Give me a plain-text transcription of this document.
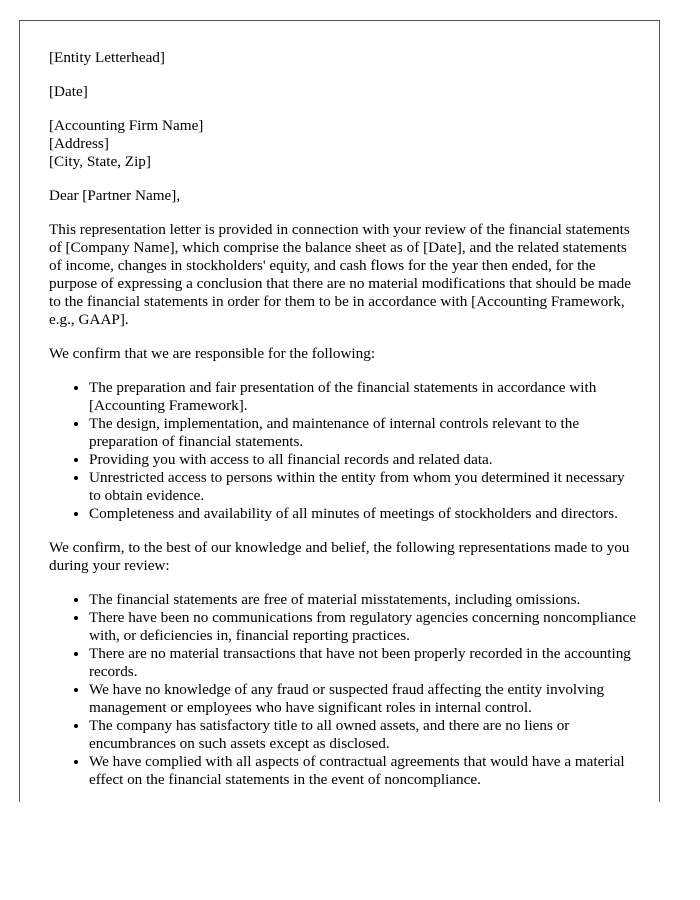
[Entity Letterhead]

[Date]

[Accounting Firm Name]
[Address]
[City, State, Zip]

Dear [Partner Name],

This representation letter is provided in connection with your review of the financial statements of [Company Name], which comprise the balance sheet as of [Date], and the related statements of income, changes in stockholders' equity, and cash flows for the year then ended, for the purpose of expressing a conclusion that there are no material modifications that should be made to the financial statements in order for them to be in accordance with [Accounting Framework, e.g., GAAP].

We confirm that we are responsible for the following:

• The preparation and fair presentation of the financial statements in accordance with [Accounting Framework].
• The design, implementation, and maintenance of internal controls relevant to the preparation of financial statements.
• Providing you with access to all financial records and related data.
• Unrestricted access to persons within the entity from whom you determined it necessary to obtain evidence.
• Completeness and availability of all minutes of meetings of stockholders and directors.

We confirm, to the best of our knowledge and belief, the following representations made to you during your review:

• The financial statements are free of material misstatements, including omissions.
• There have been no communications from regulatory agencies concerning noncompliance with, or deficiencies in, financial reporting practices.
• There are no material transactions that have not been properly recorded in the accounting records.
• We have no knowledge of any fraud or suspected fraud affecting the entity involving management or employees who have significant roles in internal control.
• The company has satisfactory title to all owned assets, and there are no liens or encumbrances on such assets except as disclosed.
• We have complied with all aspects of contractual agreements that would have a material effect on the financial statements in the event of noncompliance.
